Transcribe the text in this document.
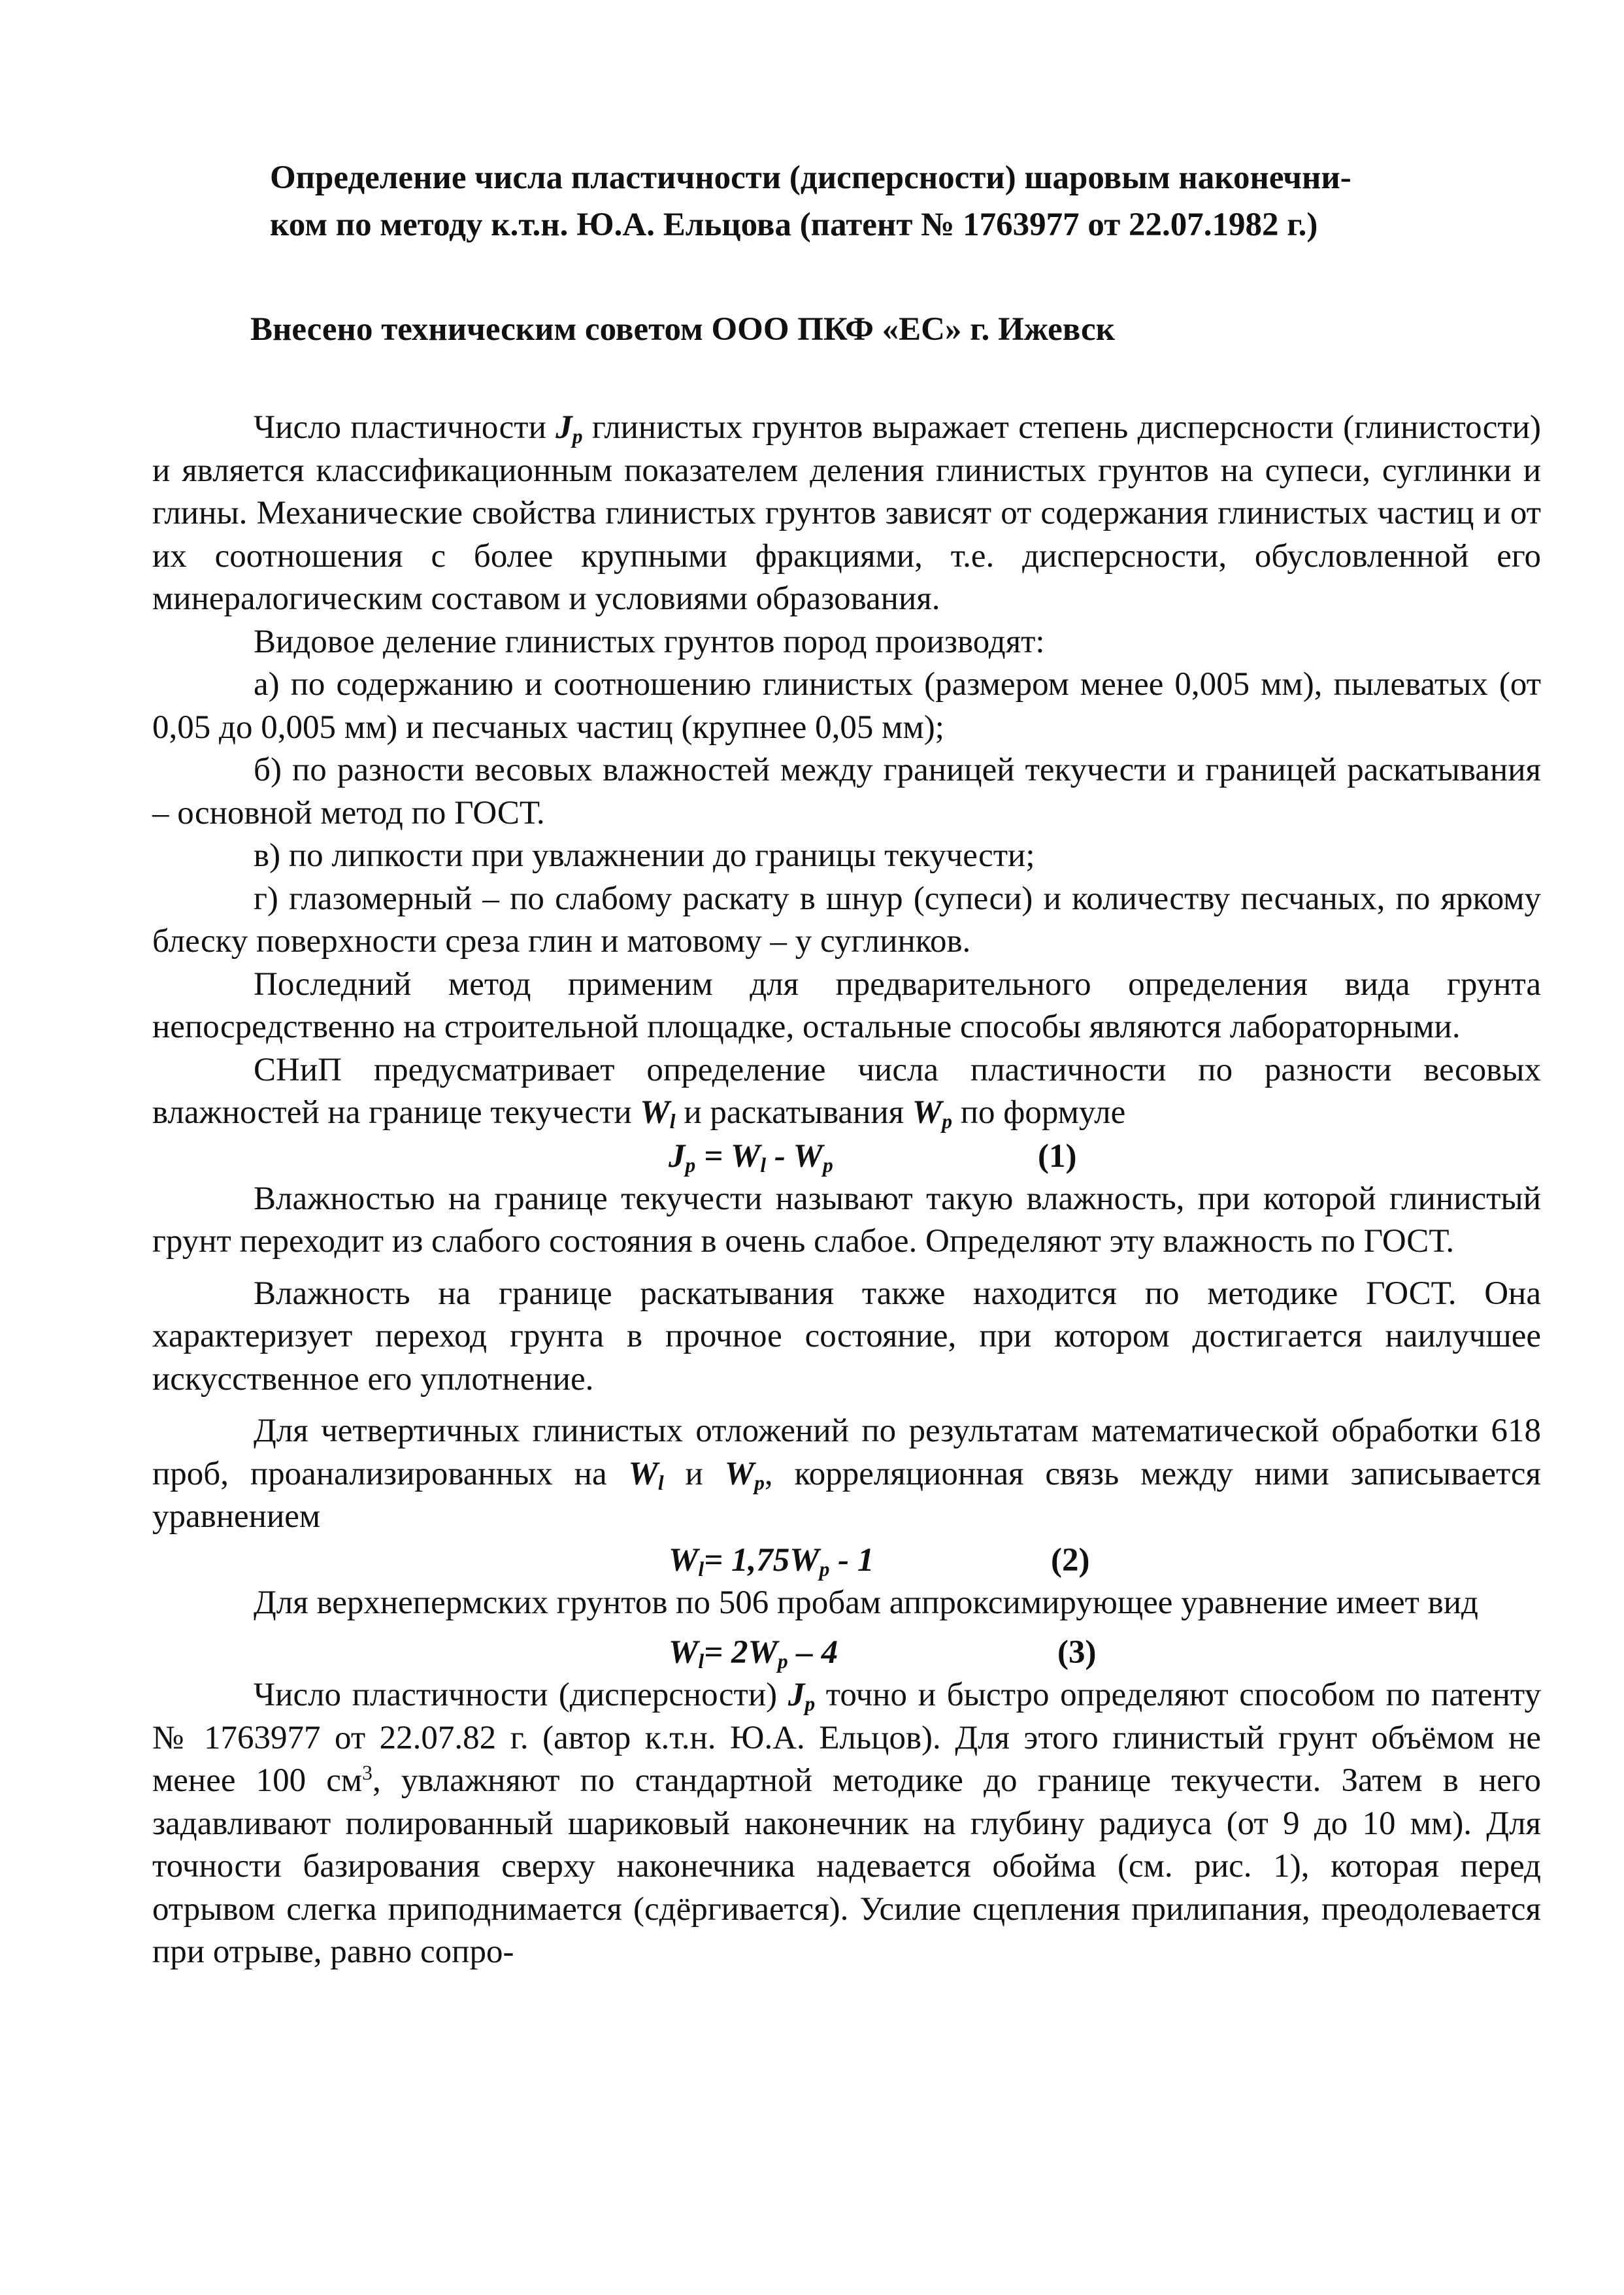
Определение числа пластичности (дисперсности) шаровым наконечни-
ком по методу к.т.н. Ю.А. Ельцова (патент № 1763977 от 22.07.1982 г.)

Внесено техническим советом ООО ПКФ «ЕС» г. Ижевск

Число пластичности $J_p$ глинистых грунтов выражает степень дисперсности (глинистости) и является классификационным показателем деления глинистых грунтов на супеси, суглинки и глины. Механические свойства глинистых грунтов зависят от содержания глинистых частиц и от их соотношения с более крупными фракциями, т.е. дисперсности, обусловленной его минералогическим составом и условиями образования.

Видовое деление глинистых грунтов пород производят:

а) по содержанию и соотношению глинистых (размером менее 0,005 мм), пылеватых (от 0,05 до 0,005 мм) и песчаных частиц (крупнее 0,05 мм);

б) по разности весовых влажностей между границей текучести и границей раскатывания – основной метод по ГОСТ.

в) по липкости при увлажнении до границы текучести;

г) глазомерный – по слабому раскату в шнур (супеси) и количеству песчаных, по яркому блеску поверхности среза глин и матовому – у суглинков.

Последний метод применим для предварительного определения вида грунта непосредственно на строительной площадке, остальные способы являются лабораторными.

СНиП предусматривает определение числа пластичности по разности весовых влажностей на границе текучести $W_l$ и раскатывания $W_p$ по формуле

$J_p = W_l - W_p$	(1)

Влажностью на границе текучести называют такую влажность, при которой глинистый грунт переходит из слабого состояния в очень слабое. Определяют эту влажность по ГОСТ.

Влажность на границе раскатывания также находится по методике ГОСТ. Она характеризует переход грунта в прочное состояние, при котором достигается наилучшее искусственное его уплотнение.

Для четвертичных глинистых отложений по результатам математической обработки 618 проб, проанализированных на $W_l$ и $W_p$, корреляционная связь между ними записывается уравнением

$W_l= 1,75W_p - 1$	(2)

Для верхнепермских грунтов по 506 пробам аппроксимирующее уравнение имеет вид

$W_l= 2W_p - 4$	(3)

Число пластичности (дисперсности) $J_p$ точно и быстро определяют способом по патенту № 1763977 от 22.07.82 г. (автор к.т.н. Ю.А. Ельцов). Для этого глинистый грунт объёмом не менее 100 $см^3$, увлажняют по стандартной методике до границе текучести. Затем в него задавливают полированный шариковый наконечник на глубину радиуса (от 9 до 10 мм). Для точности базирования сверху наконечника надевается обойма (см. рис. 1), которая перед отрывом слегка приподнимается (сдёргивается). Усилие сцепления прилипания, преодолевается при отрыве, равно сопро-
